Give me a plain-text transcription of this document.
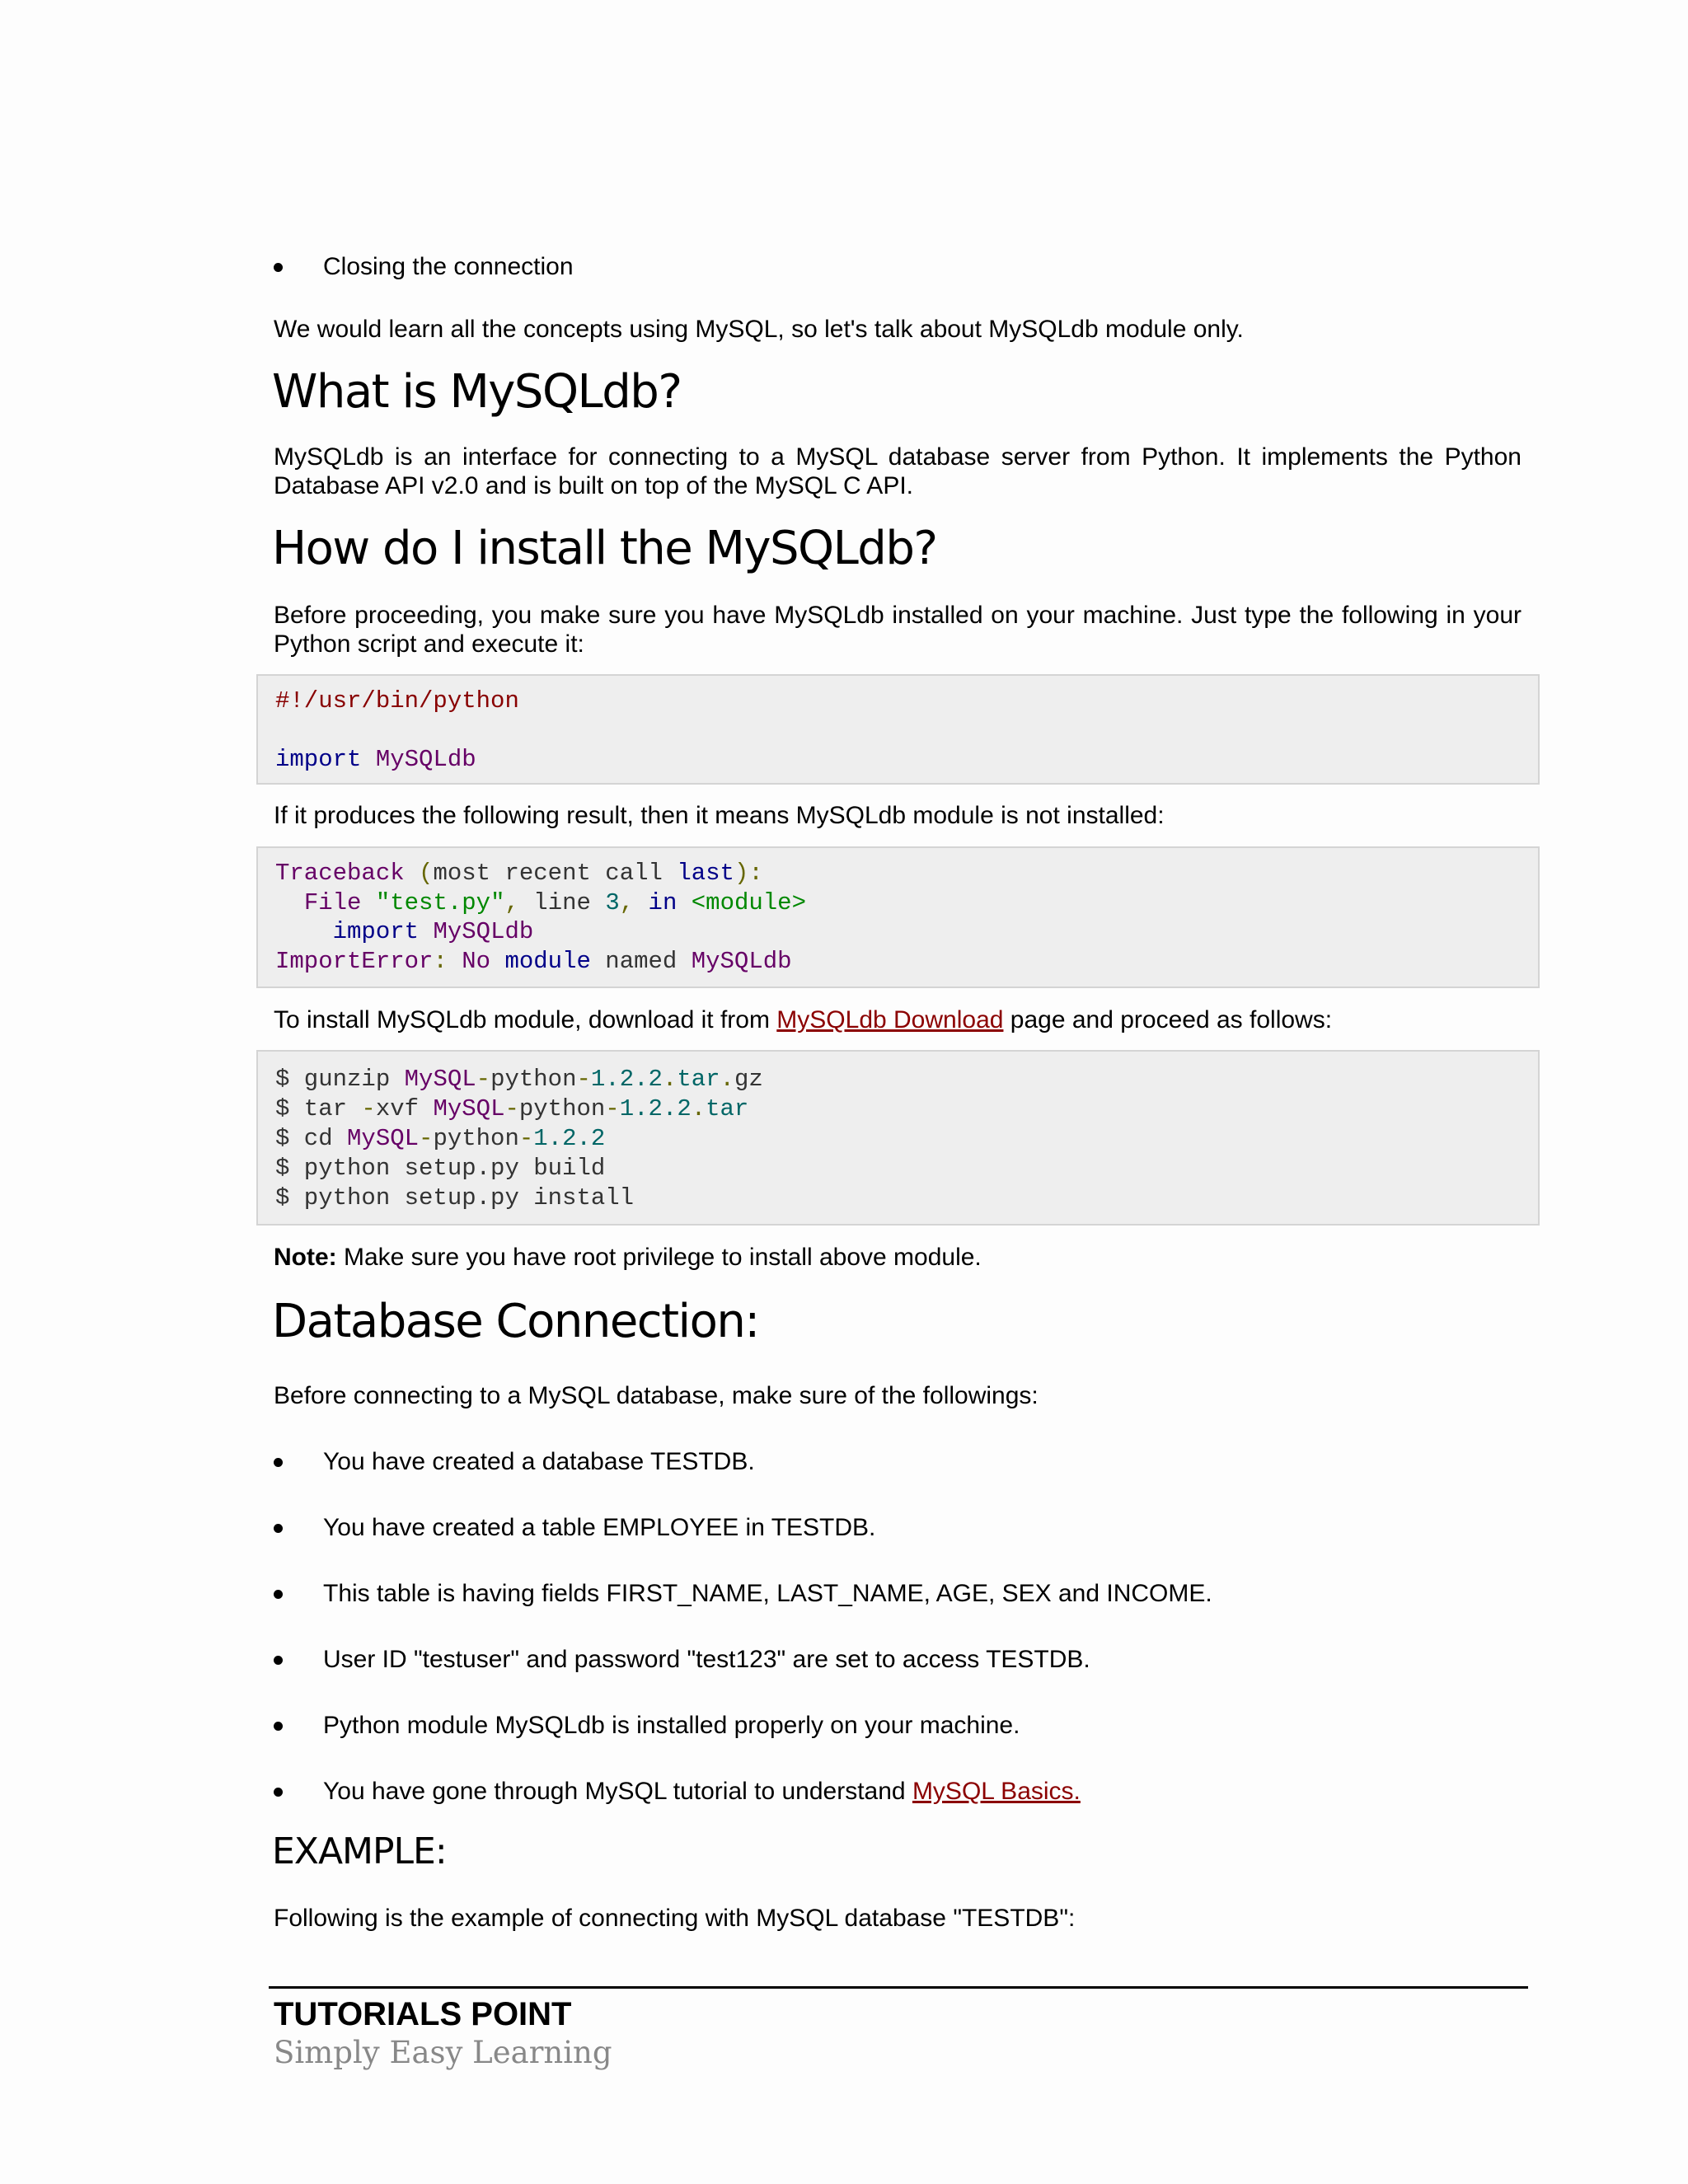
Closing the connection

We would learn all the concepts using MySQL, so let's talk about MySQLdb module only.

What is MySQLdb?

MySQLdb is an interface for connecting to a MySQL database server from Python. It implements the Python Database API v2.0 and is built on top of the MySQL C API.

How do I install the MySQLdb?

Before proceeding, you make sure you have MySQLdb installed on your machine. Just type the following in your Python script and execute it:

#!/usr/bin/python

import MySQLdb

If it produces the following result, then it means MySQLdb module is not installed:

Traceback (most recent call last):
File "test.py", line 3, in <module>
import MySQLdb
ImportError: No module named MySQLdb

To install MySQLdb module, download it from MySQLdb Download page and proceed as follows:

$ gunzip MySQL-python-1.2.2.tar.gz
$ tar -xvf MySQL-python-1.2.2.tar
$ cd MySQL-python-1.2.2
$ python setup.py build
$ python setup.py install

Note: Make sure you have root privilege to install above module.

Database Connection:

Before connecting to a MySQL database, make sure of the followings:

You have created a database TESTDB.
You have created a table EMPLOYEE in TESTDB.
This table is having fields FIRST_NAME, LAST_NAME, AGE, SEX and INCOME.
User ID "testuser" and password "test123" are set to access TESTDB.
Python module MySQLdb is installed properly on your machine.
You have gone through MySQL tutorial to understand MySQL Basics.
EXAMPLE:

Following is the example of connecting with MySQL database "TESTDB":

TUTORIALS POINT
Simply Easy Learning
